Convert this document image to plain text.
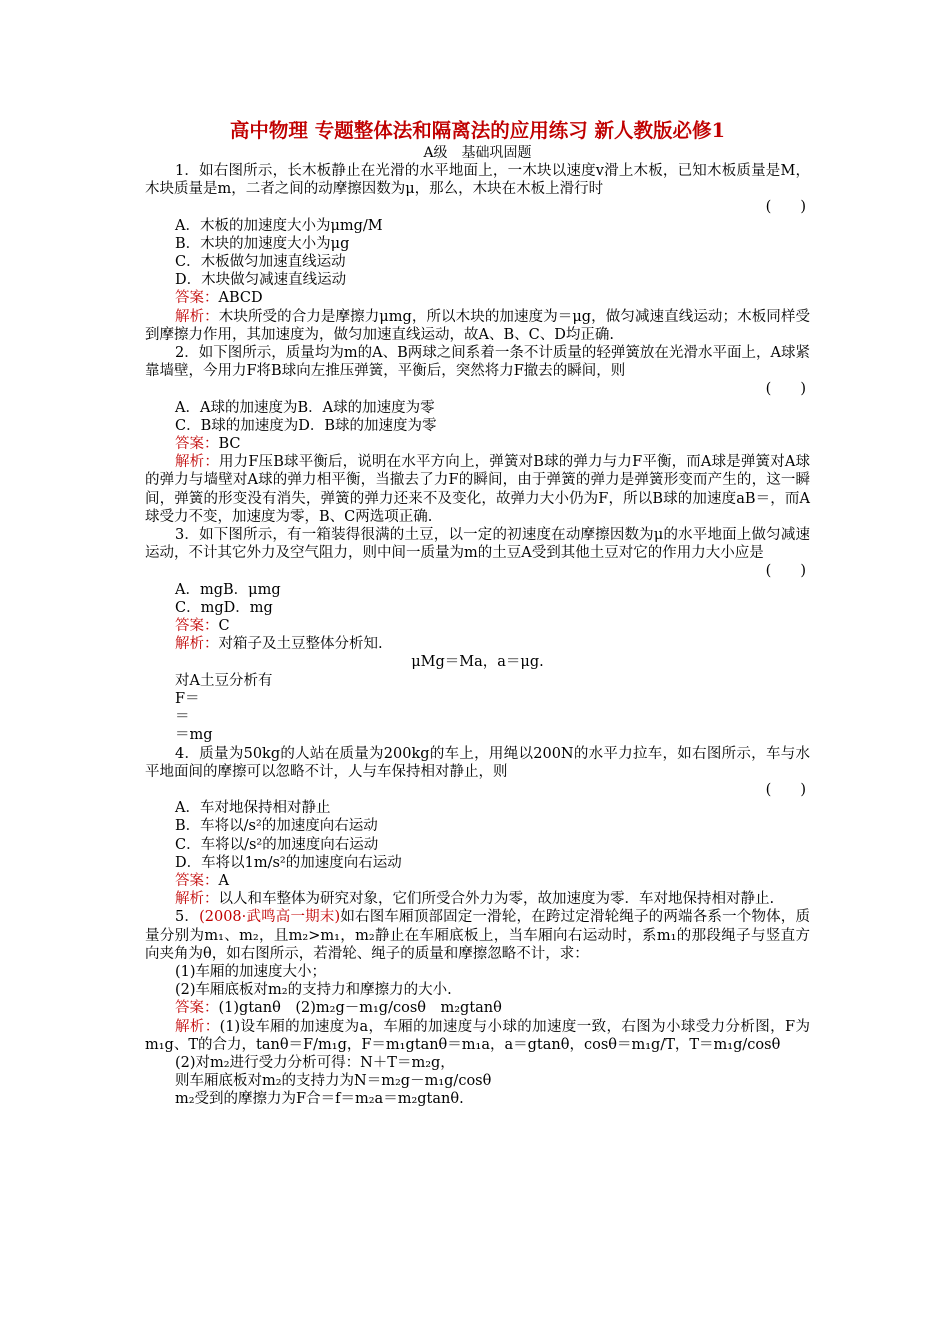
高中物理 专题整体法和隔离法的应用练习 新人教版必修1

A级　基础巩固题

1．如右图所示，长木板静止在光滑的水平地面上，一木块以速度v滑上木板，已知木板质量是M，木块质量是m，二者之间的动摩擦因数为μ，那么，木块在木板上滑行时

(　　)

A．木板的加速度大小为μmg/M

B．木块的加速度大小为μg

C．木板做匀加速直线运动

D．木块做匀减速直线运动

答案：ABCD

解析：木块所受的合力是摩擦力μmg，所以木块的加速度为＝μg，做匀减速直线运动；木板同样受到摩擦力作用，其加速度为，做匀加速直线运动，故A、B、C、D均正确.

2．如下图所示，质量均为m的A、B两球之间系着一条不计质量的轻弹簧放在光滑水平面上，A球紧靠墙壁，今用力F将B球向左推压弹簧，平衡后，突然将力F撤去的瞬间，则

(　　)

A．A球的加速度为B．A球的加速度为零

C．B球的加速度为D．B球的加速度为零

答案：BC

解析：用力F压B球平衡后，说明在水平方向上，弹簧对B球的弹力与力F平衡，而A球是弹簧对A球的弹力与墙壁对A球的弹力相平衡，当撤去了力F的瞬间，由于弹簧的弹力是弹簧形变而产生的，这一瞬间，弹簧的形变没有消失，弹簧的弹力还来不及变化，故弹力大小仍为F，所以B球的加速度aB＝，而A球受力不变，加速度为零，B、C两选项正确.

3．如下图所示，有一箱装得很满的土豆，以一定的初速度在动摩擦因数为μ的水平地面上做匀减速运动，不计其它外力及空气阻力，则中间一质量为m的土豆A受到其他土豆对它的作用力大小应是

(　　)

A．mgB．μmg

C．mgD．mg

答案：C

解析：对箱子及土豆整体分析知.

μMg＝Ma，a＝μg.

对A土豆分析有

F＝

＝

＝mg

4．质量为50kg的人站在质量为200kg的车上，用绳以200N的水平力拉车，如右图所示，车与水平地面间的摩擦可以忽略不计，人与车保持相对静止，则

(　　)

A．车对地保持相对静止

B．车将以/s²的加速度向右运动

C．车将以/s²的加速度向右运动

D．车将以1m/s²的加速度向右运动

答案：A

解析：以人和车整体为研究对象，它们所受合外力为零，故加速度为零．车对地保持相对静止.

5．(2008·武鸣高一期末)如右图车厢顶部固定一滑轮，在跨过定滑轮绳子的两端各系一个物体，质量分别为m₁、m₂，且m₂>m₁，m₂静止在车厢底板上，当车厢向右运动时，系m₁的那段绳子与竖直方向夹角为θ，如右图所示，若滑轮、绳子的质量和摩擦忽略不计，求：

(1)车厢的加速度大小；

(2)车厢底板对m₂的支持力和摩擦力的大小.

答案：(1)gtanθ　(2)m₂g－m₁g/cosθ　m₂gtanθ

解析：(1)设车厢的加速度为a，车厢的加速度与小球的加速度一致，右图为小球受力分析图，F为m₁g、T的合力，tanθ＝F/m₁g，F＝m₁gtanθ＝m₁a，a＝gtanθ，cosθ＝m₁g/T，T＝m₁g/cosθ

(2)对m₂进行受力分析可得：N＋T＝m₂g，

则车厢底板对m₂的支持力为N＝m₂g－m₁g/cosθ

m₂受到的摩擦力为F合＝f＝m₂a＝m₂gtanθ.
